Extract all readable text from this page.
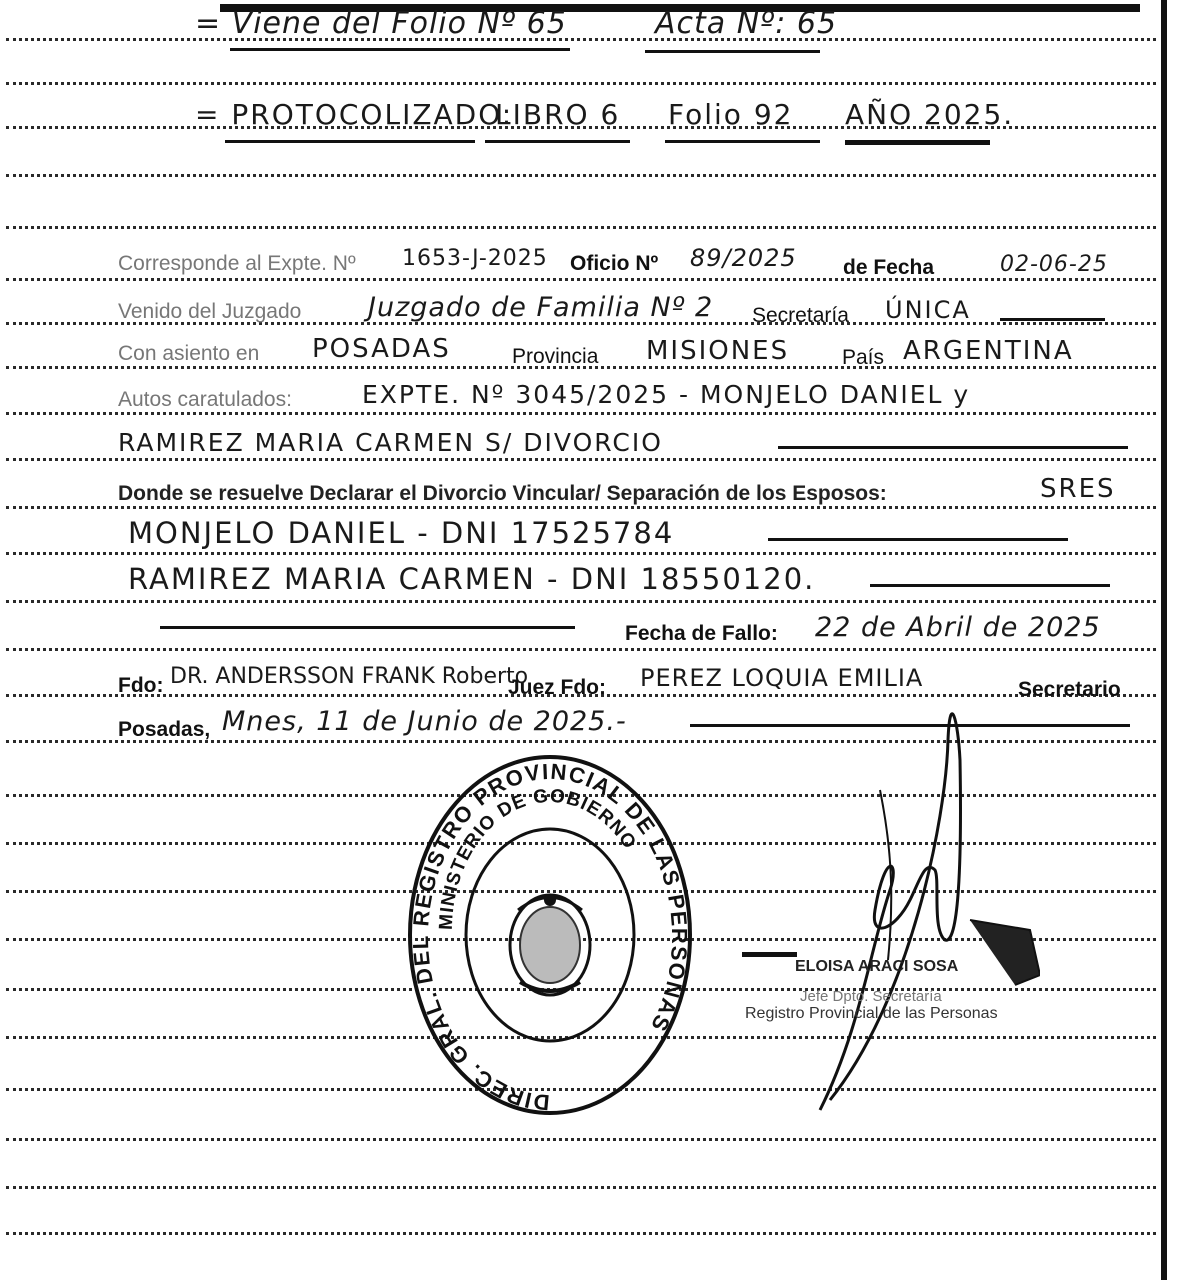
= Viene del Folio Nº 65	Acta Nº: 65
= PROTOCOLIZADO:
LIBRO 6 Folio 92 AÑO 2025.
Corresponde al Expte. Nº 1653-J-2025 Oficio Nº 89/2025 de Fecha	02-06-25
Venido del Juzgado Juzgado de Familia Nº 2 Secretaría ÚNICA
Con asiento en POSADAS	Provincia MISIONES	País ARGENTINA
Autos caratulados:	EXPTE. Nº 3045/2025 - MONJELO DANIEL y
RAMIREZ MARIA CARMEN S/ DIVORCIO
Donde se resuelve Declarar el Divorcio Vincular/ Separación de los Esposos:	SRES
MONJELO DANIEL - DNI 17525784
RAMIREZ MARIA CARMEN - DNI 18550120.
Fecha de Fallo: 22 de Abril de 2025
Fdo: DR. ANDERSSON FRANK Roberto
Juez Fdo: PEREZ LOQUIA EMILIA	Secretario
Posadas, Mnes, 11 de Junio de 2025.-
DIREC. GRAL. DEL REGISTRO PROVINCIAL DE LAS PERSONAS
MINISTERIO DE GOBIERNO
ELOISA ARACI SOSA
Jefe Dpto. Secretaría
Registro Provincial de las Personas
